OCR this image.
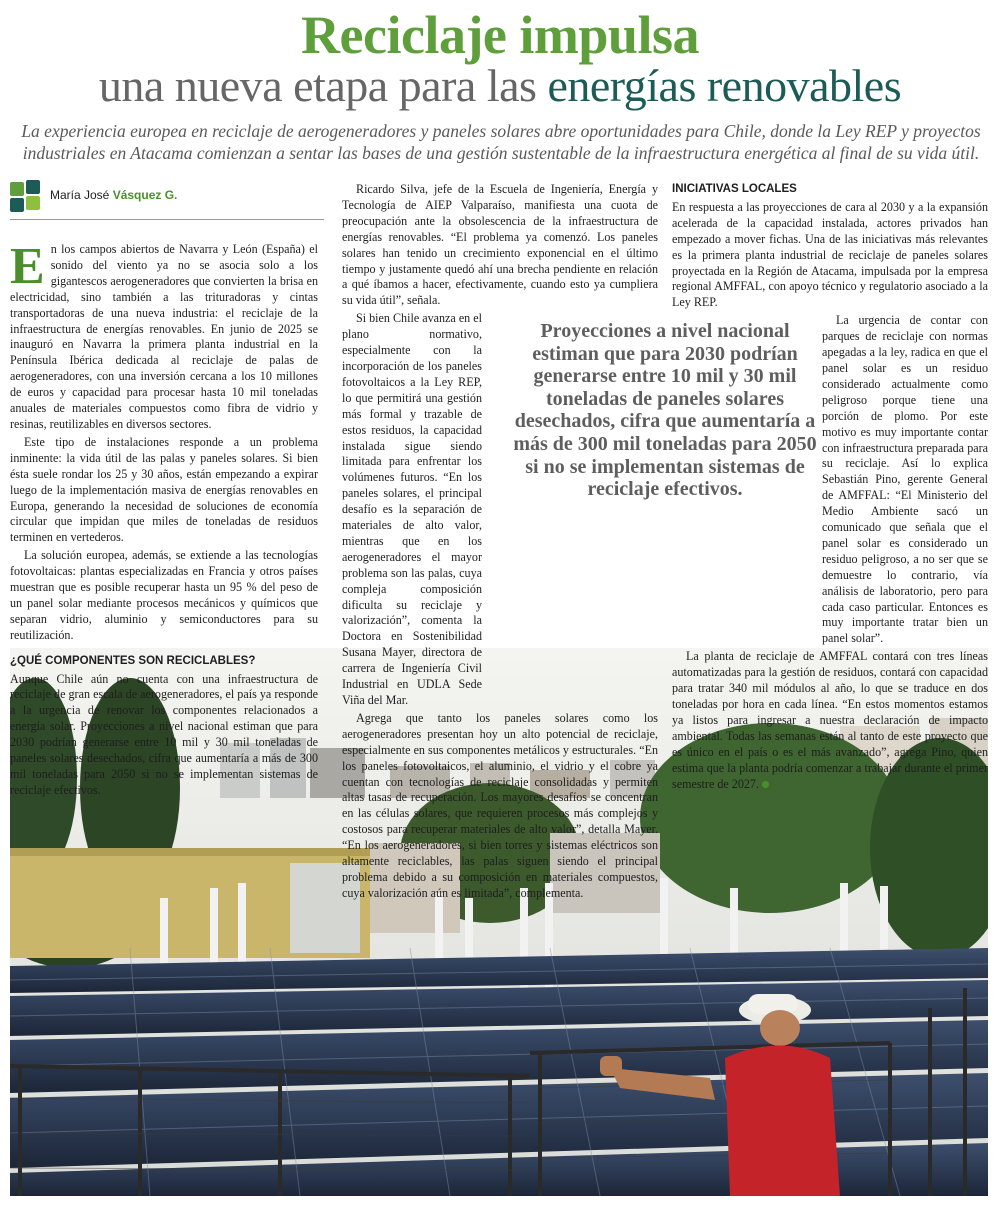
Reciclaje impulsa
una nueva etapa para las energías renovables
La experiencia europea en reciclaje de aerogeneradores y paneles solares abre oportunidades para Chile, donde la Ley REP y proyectos industriales en Atacama comienzan a sentar las bases de una gestión sustentable de la infraestructura energética al final de su vida útil.
María José Vásquez G.

En los campos abiertos de Navarra y León (España) el sonido del viento ya no se asocia solo a los gigantescos aerogeneradores que convierten la brisa en electricidad, sino también a las trituradoras y cintas transportadoras de una nueva industria: el reciclaje de la infraestructura de energías renovables. En junio de 2025 se inauguró en Navarra la primera planta industrial en la Península Ibérica dedicada al reciclaje de palas de aerogeneradores, con una inversión cercana a los 10 millones de euros y capacidad para procesar hasta 10 mil toneladas anuales de materiales compuestos como fibra de vidrio y resinas, reutilizables en diversos sectores.

Este tipo de instalaciones responde a un problema inminente: la vida útil de las palas y paneles solares. Si bien ésta suele rondar los 25 y 30 años, están empezando a expirar luego de la implementación masiva de energías renovables en Europa, generando la necesidad de soluciones de economía circular que impidan que miles de toneladas de residuos terminen en vertederos.

La solución europea, además, se extiende a las tecnologías fotovoltaicas: plantas especializadas en Francia y otros países muestran que es posible recuperar hasta un 95 % del peso de un panel solar mediante procesos mecánicos y químicos que separan vidrio, aluminio y semiconductores para su reutilización.

¿QUÉ COMPONENTES SON RECICLABLES?

Aunque Chile aún no cuenta con una infraestructura de reciclaje de gran escala de aerogeneradores, el país ya responde a la urgencia de renovar los componentes relacionados a energía solar. Proyecciones a nivel nacional estiman que para 2030 podrían generarse entre 10 mil y 30 mil toneladas de paneles solares desechados, cifra que aumentaría a más de 300 mil toneladas para 2050 si no se implementan sistemas de reciclaje efectivos.

Ricardo Silva, jefe de la Escuela de Ingeniería, Energía y Tecnología de AIEP Valparaíso, manifiesta una cuota de preocupación ante la obsolescencia de la infraestructura de energías renovables. “El problema ya comenzó. Los paneles solares han tenido un crecimiento exponencial en el último tiempo y justamente quedó ahí una brecha pendiente en relación a qué íbamos a hacer, efectivamente, cuando esto ya cumpliera su vida útil”, señala.

Si bien Chile avanza en el plano normativo, especialmente con la incorporación de los paneles fotovoltaicos a la Ley REP, lo que permitirá una gestión más formal y trazable de estos residuos, la capacidad instalada sigue siendo limitada para enfrentar los volúmenes futuros. “En los paneles solares, el principal desafío es la separación de materiales de alto valor, mientras que en los aerogeneradores el mayor problema son las palas, cuya compleja composición dificulta su reciclaje y valorización”, comenta la Doctora en Sostenibilidad Susana Mayer, directora de carrera de Ingeniería Civil Industrial en UDLA Sede Viña del Mar.

Agrega que tanto los paneles solares como los aerogeneradores presentan hoy un alto potencial de reciclaje, especialmente en sus componentes metálicos y estructurales. “En los paneles fotovoltaicos, el aluminio, el vidrio y el cobre ya cuentan con tecnologías de reciclaje consolidadas y permiten altas tasas de recuperación. Los mayores desafíos se concentran en las células solares, que requieren procesos más complejos y costosos para recuperar materiales de alto valor”, detalla Mayer. “En los aerogeneradores, si bien torres y sistemas eléctricos son altamente reciclables, las palas siguen siendo el principal problema debido a su composición en materiales compuestos, cuya valorización aún es limitada”, complementa.

Proyecciones a nivel nacional estiman que para 2030 podrían generarse entre 10 mil y 30 mil toneladas de paneles solares desechados, cifra que aumentaría a más de 300 mil toneladas para 2050 si no se implementan sistemas de reciclaje efectivos.
INICIATIVAS LOCALES

En respuesta a las proyecciones de cara al 2030 y a la expansión acelerada de la capacidad instalada, actores privados han empezado a mover fichas. Una de las iniciativas más relevantes es la primera planta industrial de reciclaje de paneles solares proyectada en la Región de Atacama, impulsada por la empresa regional AMFFAL, con apoyo técnico y regulatorio asociado a la Ley REP.

La urgencia de contar con parques de reciclaje con normas apegadas a la ley, radica en que el panel solar es un residuo considerado actualmente como peligroso porque tiene una porción de plomo. Por este motivo es muy importante contar con infraestructura preparada para su reciclaje. Así lo explica Sebastián Pino, gerente General de AMFFAL: “El Ministerio del Medio Ambiente sacó un comunicado que señala que el panel solar es considerado un residuo peligroso, a no ser que se demuestre lo contrario, vía análisis de laboratorio, pero para cada caso particular. Entonces es muy importante tratar bien un panel solar”.

La planta de reciclaje de AMFFAL contará con tres líneas automatizadas para la gestión de residuos, contará con capacidad para tratar 340 mil módulos al año, lo que se traduce en dos toneladas por hora en cada línea. “En estos momentos estamos ya listos para ingresar a nuestra declaración de impacto ambiental. Todas las semanas están al tanto de este proyecto que es único en el país o es el más avanzado”, agrega Pino, quien estima que la planta podría comenzar a trabajar durante el primer semestre de 2027.
